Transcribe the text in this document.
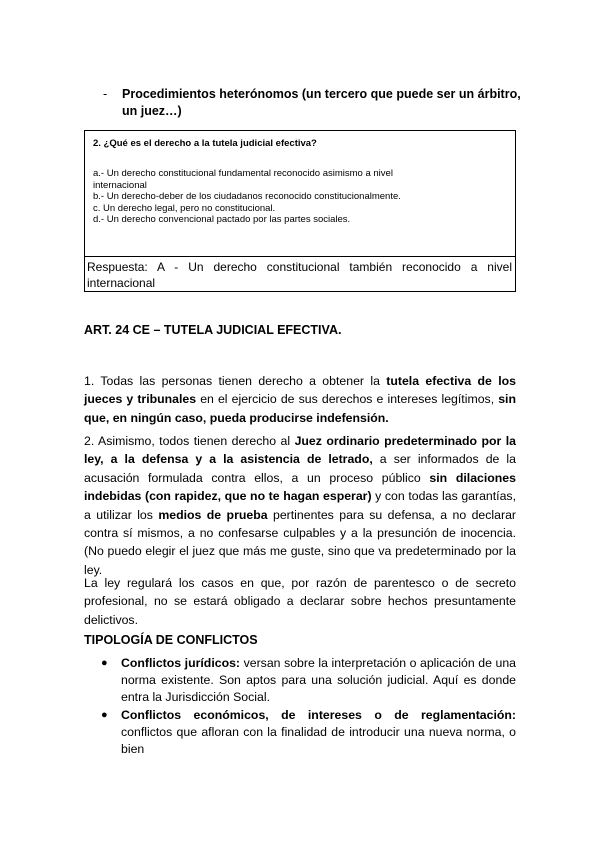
- Procedimientos heterónomos (un tercero que puede ser un árbitro, un juez…)
2. ¿Qué es el derecho a la tutela judicial efectiva?
a.- Un derecho constitucional fundamental reconocido asimismo a nivel internacional
b.- Un derecho-deber de los ciudadanos reconocido constitucionalmente.
c. Un derecho legal, pero no constitucional.
d.- Un derecho convencional pactado por las partes sociales.
Respuesta: A - Un derecho constitucional también reconocido a nivel internacional
ART. 24 CE – TUTELA JUDICIAL EFECTIVA.

1. Todas las personas tienen derecho a obtener la tutela efectiva de los jueces y tribunales en el ejercicio de sus derechos e intereses legítimos, sin que, en ningún caso, pueda producirse indefensión.

2. Asimismo, todos tienen derecho al Juez ordinario predeterminado por la ley, a la defensa y a la asistencia de letrado, a ser informados de la acusación formulada contra ellos, a un proceso público sin dilaciones indebidas (con rapidez, que no te hagan esperar) y con todas las garantías, a utilizar los medios de prueba pertinentes para su defensa, a no declarar contra sí mismos, a no confesarse culpables y a la presunción de inocencia. (No puedo elegir el juez que más me guste, sino que va predeterminado por la ley.

La ley regulará los casos en que, por razón de parentesco o de secreto profesional, no se estará obligado a declarar sobre hechos presuntamente delictivos.

TIPOLOGÍA DE CONFLICTOS
● Conflictos jurídicos: versan sobre la interpretación o aplicación de una norma existente. Son aptos para una solución judicial. Aquí es donde entra la Jurisdicción Social.
● Conflictos económicos, de intereses o de reglamentación: conflictos que afloran con la finalidad de introducir una nueva norma, o bien
